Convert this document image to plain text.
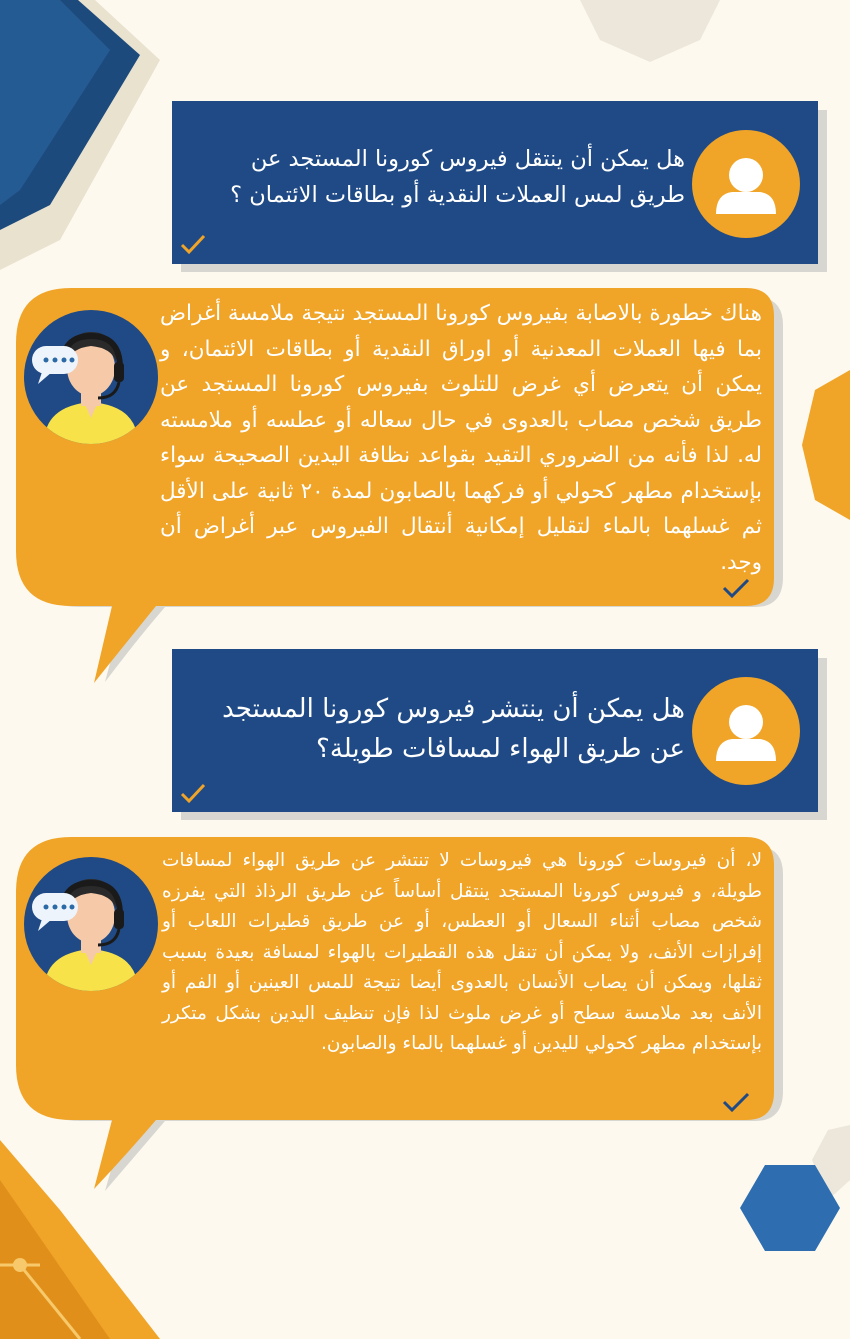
هل يمكن أن ينتقل فيروس كورونا المستجد عن طريق لمس العملات النقدية أو بطاقات الائتمان ؟
هناك خطورة بالاصابة بفيروس كورونا المستجد نتيجة ملامسة أغراض بما فيها العملات المعدنية أو اوراق النقدية أو بطاقات الائتمان، و يمكن أن يتعرض أي غرض للتلوث بفيروس كورونا المستجد عن طريق شخص مصاب بالعدوى في حال سعاله أو عطسه أو ملامسته له. لذا فأنه من الضروري التقيد بقواعد نظافة اليدين الصحيحة سواء بإستخدام مطهر كحولي أو فركهما بالصابون لمدة ٢٠ ثانية على الأقل ثم غسلهما بالماء لتقليل إمكانية أنتقال الفيروس عبر أغراض أن وجد.
هل يمكن أن ينتشر فيروس كورونا المستجد عن طريق الهواء لمسافات طويلة؟
لا، أن فيروسات كورونا هي فيروسات لا تنتشر عن طريق الهواء لمسافات طويلة، و فيروس كورونا المستجد ينتقل أساساً عن طريق الرذاذ التي يفرزه شخص مصاب أثناء السعال أو العطس، أو عن طريق قطيرات اللعاب أو إفرازات الأنف، ولا يمكن أن تنقل هذه القطيرات بالهواء لمسافة بعيدة بسبب ثقلها، ويمكن أن يصاب الأنسان بالعدوى أيضا نتيجة للمس العينين أو الفم أو الأنف بعد ملامسة سطح أو غرض ملوث لذا فإن تنظيف اليدين بشكل متكرر بإستخدام مطهر كحولي لليدين أو غسلهما بالماء والصابون.
